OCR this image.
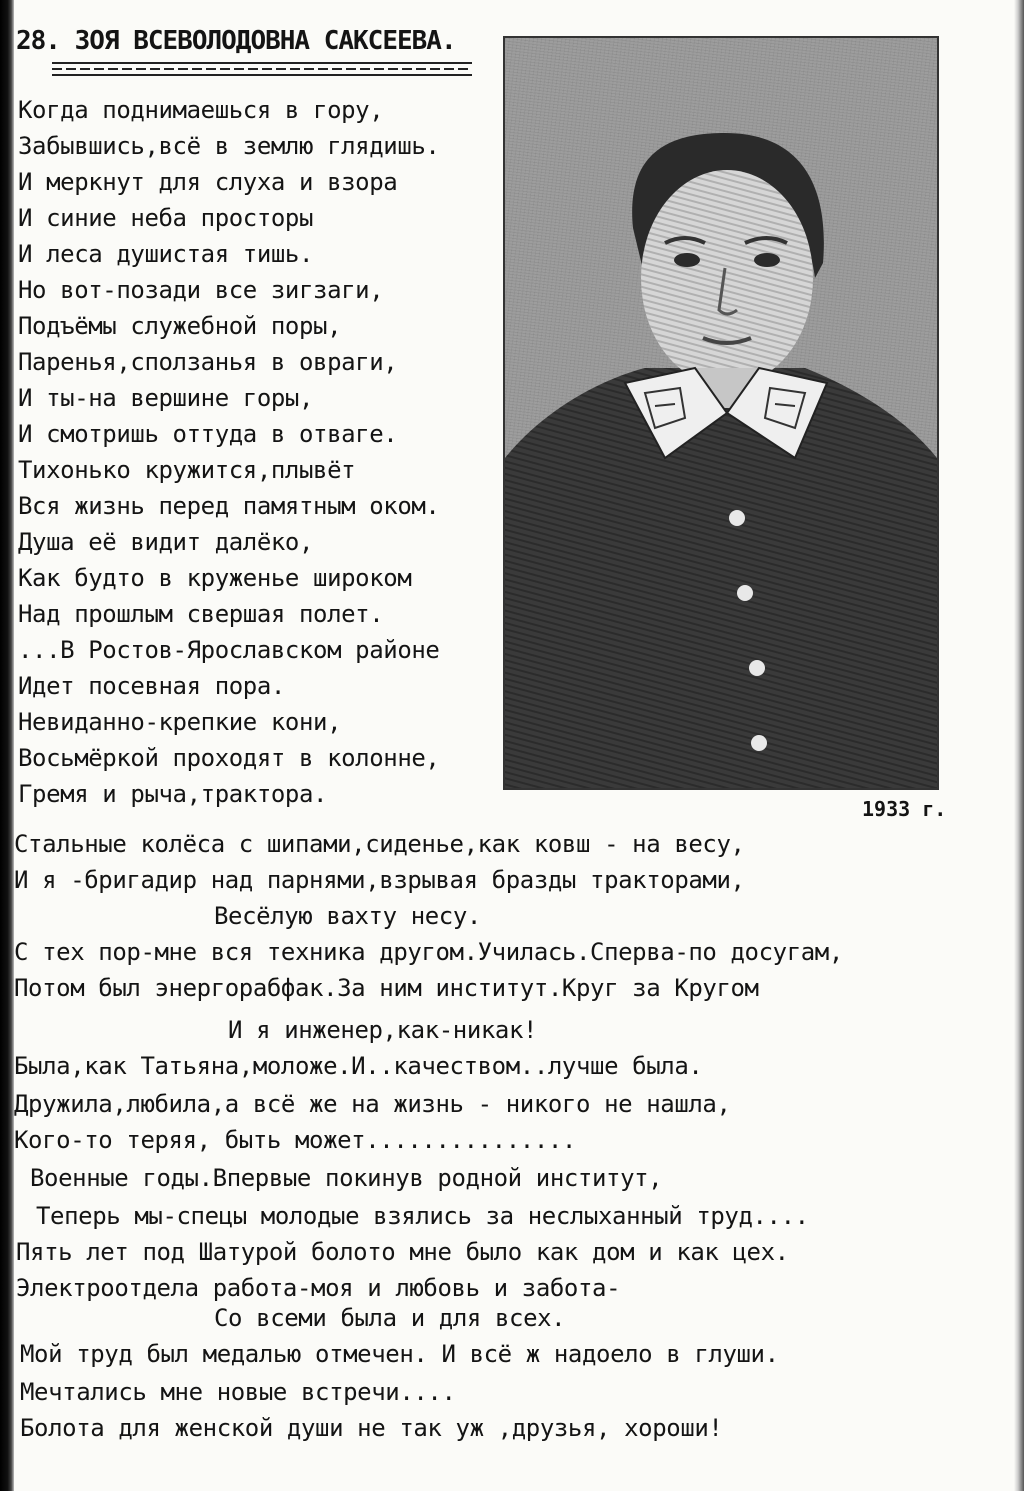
28. ЗОЯ ВСЕВОЛОДОВНА САКСЕЕВА.
1933 г.
Когда поднимаешься в гору,
Забывшись,всё в землю глядишь.
И меркнут для слуха и взора
И синие неба просторы
И леса душистая тишь.
Но вот-позади все зигзаги,
Подъёмы служебной поры,
Паренья,сползанья в овраги,
И ты-на вершине горы,
И смотришь оттуда в отваге.
Тихонько кружится,плывёт
Вся жизнь перед памятным оком.
Душа её видит далёко,
Как будто в круженье широком
Над прошлым свершая полет.
...В Ростов-Ярославском районе
Идет посевная пора.
Невиданно-крепкие кони,
Восьмёркой проходят в колонне,
Гремя и рыча,трактора.
Стальные колёса с шипами,сиденье,как ковш - на весу,
И я -бригадир над парнями,взрывая бразды тракторами,
Весёлую вахту несу.
С тех пор-мне вся техника другом.Училась.Сперва-по досугам,
Потом был энергорабфак.За ним институт.Круг за Кругом
И я инженер,как-никак!
Была,как Татьяна,моложе.И..качеством..лучше была.
Дружила,любила,а всё же на жизнь - никого не нашла,
Кого-то теряя, быть может...............
Военные годы.Впервые покинув родной институт,
Теперь мы-спецы молодые взялись за неслыханный труд....
Пять лет под Шатурой болото мне было как дом и как цех.
Электроотдела работа-моя и любовь и забота-
Со всеми была и для всех.
Мой труд был медалью отмечен. И всё ж надоело в глуши.
Мечтались мне новые встречи....
Болота для женской души не так уж ,друзья, хороши!
